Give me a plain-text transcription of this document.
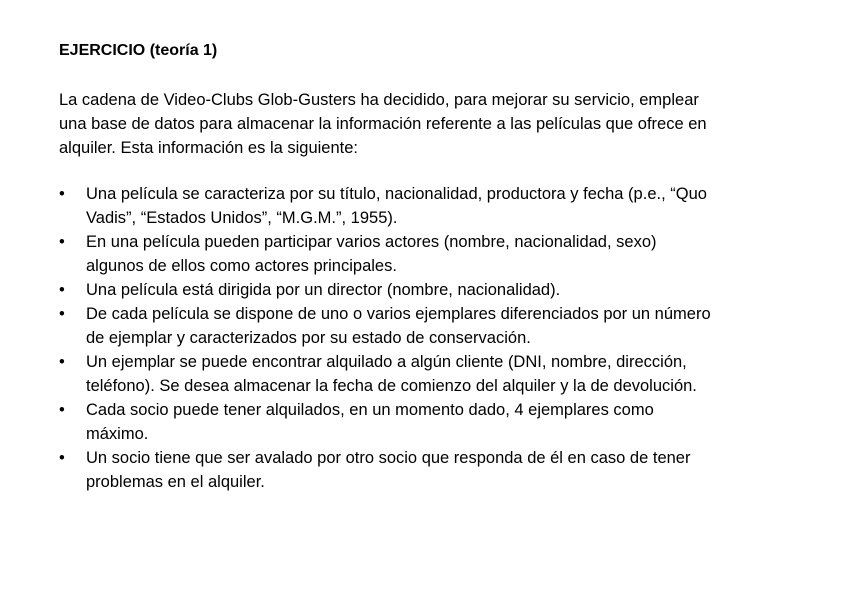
EJERCICIO (teoría 1)

La cadena de Video-Clubs Glob-Gusters ha decidido, para mejorar su servicio, emplear
una base de datos para almacenar la información referente a las películas que ofrece en
alquiler. Esta información es la siguiente:

•	Una película se caracteriza por su título, nacionalidad, productora y fecha (p.e., “Quo
Vadis”, “Estados Unidos”, “M.G.M.”, 1955).
•	En una película pueden participar varios actores (nombre, nacionalidad, sexo)
algunos de ellos como actores principales.
•	Una película está dirigida por un director (nombre, nacionalidad).
•	De cada película se dispone de uno o varios ejemplares diferenciados por un número
de ejemplar y caracterizados por su estado de conservación.
•	Un ejemplar se puede encontrar alquilado a algún cliente (DNI, nombre, dirección,
teléfono). Se desea almacenar la fecha de comienzo del alquiler y la de devolución.
•	Cada socio puede tener alquilados, en un momento dado, 4 ejemplares como
máximo.
•	Un socio tiene que ser avalado por otro socio que responda de él en caso de tener
problemas en el alquiler.
